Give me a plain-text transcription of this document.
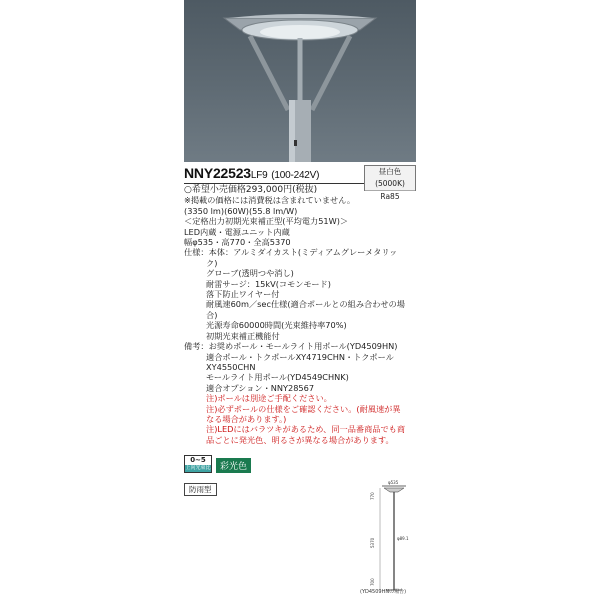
NNY22523LF9 (100-242V)	昼白色(5000K)
Ra85
○希望小売価格293,000円(税抜)
※掲載の価格には消費税は含まれていません。
(3350 lm)(60W)(55.8 lm/W)
＜定格出力初期光束補正型(平均電力51W)＞
LED内蔵・電源ユニット内蔵
幅φ535・高770・全高5370
仕様：本体：アルミダイカスト(ミディアムグレーメタリッ
ク)
グローブ(透明つや消し)
耐雷サージ：15kV(コモンモード)
落下防止ワイヤー付
耐風速60m／sec仕様(適合ポールとの組み合わせの場
合)
光源寿命60000時間(光束維持率70%)
初期光束補正機能付
備考：お奨めポール・モールライト用ポール(YD4509HN)
適合ポール・トクポールXY4719CHN・トクポール
XY4550CHN
モールライト用ポール(YD4549CHNK)
適合オプション・NNY28567
注)ポールは別途ご手配ください。
注)必ずポールの仕様をご確認ください。(耐風速が異
なる場合があります。)
注)LEDにはバラツキがあるため、同一品番商品でも商
品ごとに発光色、明るさが異なる場合があります。
0~5
上向光束比	彩光色
防雨型
φ535
770
5370	φ89.1
700
(YD4509HNの場合)
